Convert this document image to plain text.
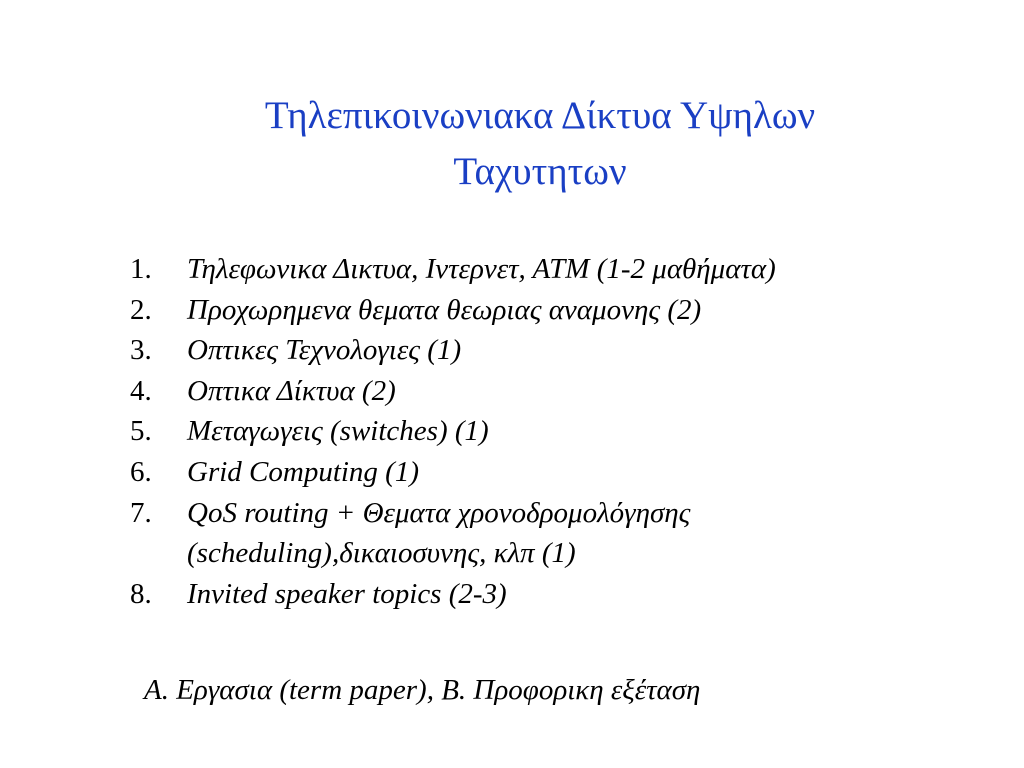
Τηλεπικοινωνιακα Δίκτυα Υψηλων
Ταχυτητων
1.	Τηλεφωνικα Δικτυα, Ιντερνετ, ΑΤΜ (1-2 μαθήματα)
2.	Προχωρημενα θεματα θεωριας αναμονης (2)
3.	Οπτικες Τεχνολογιες (1)
4.	Οπτικα Δίκτυα (2)
5.	Μεταγωγεις (switches) (1)
6.	Grid Computing (1)
7.	QoS routing + Θεματα χρονοδρομολόγησης (scheduling),δικαιοσυνης, κλπ (1)
8.	Invited speaker topics (2-3)
Α. Εργασια (term paper), Β. Προφορικη εξέταση
